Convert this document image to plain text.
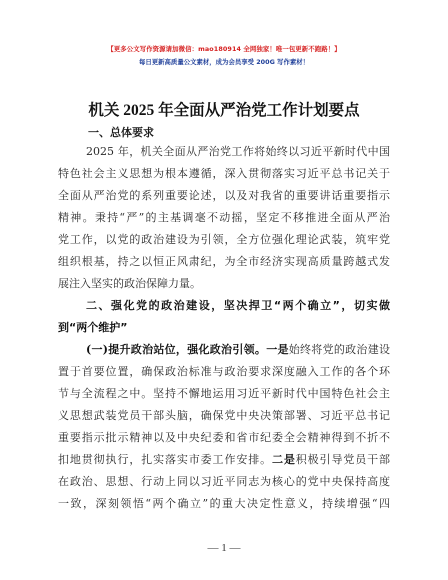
【更多公文写作资源请加微信：mao180914 全网独家！唯一包更新不跑路！】
每日更新高质量公文素材，成为会员享受 200G 写作素材！
机关 2025 年全面从严治党工作计划要点
一、总体要求
2025 年，机关全面从严治党工作将始终以习近平新时代中国
特色社会主义思想为根本遵循，深入贯彻落实习近平总书记关于
全面从严治党的系列重要论述，以及对我省的重要讲话重要指示
精神。秉持“严”的主基调毫不动摇，坚定不移推进全面从严治
党工作，以党的政治建设为引领，全方位强化理论武装，筑牢党
组织根基，持之以恒正风肃纪，为全市经济实现高质量跨越式发
展注入坚实的政治保障力量。
二、强化党的政治建设，坚决捍卫“两个确立”，切实做
到“两个维护”
(一)提升政治站位，强化政治引领。一是始终将党的政治建设
置于首要位置，确保政治标准与政治要求深度融入工作的各个环
节与全流程之中。坚持不懈地运用习近平新时代中国特色社会主
义思想武装党员干部头脑，确保党中央决策部署、习近平总书记
重要指示批示精神以及中央纪委和省市纪委全会精神得到不折不
扣地贯彻执行，扎实落实市委工作安排。二是积极引导党员干部
在政治、思想、行动上同以习近平同志为核心的党中央保持高度
一致，深刻领悟“两个确立”的重大决定性意义，持续增强“四
— 1 —
